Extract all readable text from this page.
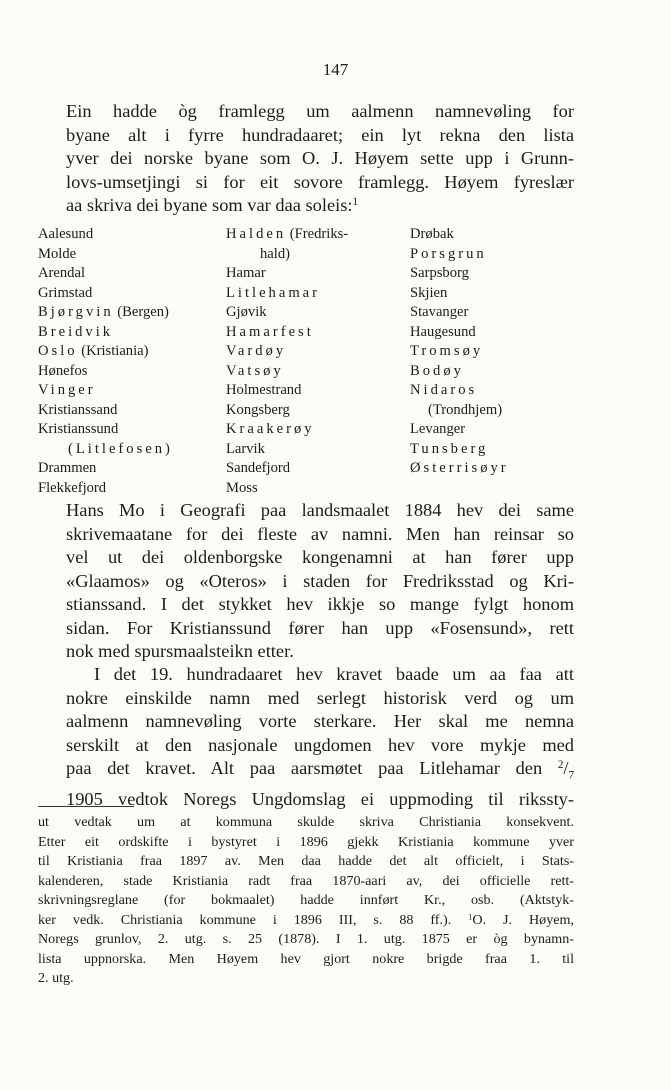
147
Ein hadde òg framlegg um aalmenn namnevøling for
byane alt i fyrre hundradaaret; ein lyt rekna den lista
yver dei norske byane som O. J. Høyem sette upp i Grunn-
lovs-umsetjingi si for eit sovore framlegg. Høyem fyreslær
aa skriva dei byane som var daa soleis:$^1$
Aalesund
Molde
Arendal
Grimstad
Bjørgvin (Bergen)
Breidvik
Oslo (Kristiania)
Hønefos
Vinger
Kristianssand
Kristianssund
(Litlefosen)
Drammen
Flekkefjord
Halden (Fredriks-
hald)
Hamar
Litlehamar
Gjøvik
Hamarfest
Vardøy
Vatsøy
Holmestrand
Kongsberg
Kraakerøy
Larvik
Sandefjord
Moss
Drøbak
Porsgrun
Sarpsborg
Skjien
Stavanger
Haugesund
Tromsøy
Bodøy
Nidaros
(Trondhjem)
Levanger
Tunsberg
Østerrisøyr
Hans Mo i Geografi paa landsmaalet 1884 hev dei same
skrivemaatane for dei fleste av namni. Men han reinsar so
vel ut dei oldenborgske kongenamni at han fører upp
«Glaamos» og «Oteros» i staden for Fredriksstad og Kri-
stianssand. I det stykket hev ikkje so mange fylgt honom
sidan. For Kristianssund fører han upp «Fosensund», rett
nok med spursmaalsteikn etter.
I det 19. hundradaaret hev kravet baade um aa faa att
nokre einskilde namn med serlegt historisk verd og um
aalmenn namnevøling vorte sterkare. Her skal me nemna
serskilt at den nasjonale ungdomen hev vore mykje med
paa det kravet. Alt paa aarsmøtet paa Litlehamar den $^2/_7$
1905 vedtok Noregs Ungdomslag ei uppmoding til rikssty-
ut vedtak um at kommuna skulde skriva Christiania konsekvent.
Etter eit ordskifte i bystyret i 1896 gjekk Kristiania kommune yver
til Kristiania fraa 1897 av. Men daa hadde det alt officielt, i Stats-
kalenderen, stade Kristiania radt fraa 1870-aari av, dei officielle rett-
skrivningsreglane (for bokmaalet) hadde innført Kr., osb. (Aktstyk-
ker vedk. Christiania kommune i 1896 III, s. 88 ff.). $^1$O. J. Høyem,
Noregs grunlov, 2. utg. s. 25 (1878). I 1. utg. 1875 er òg bynamn-
lista uppnorska. Men Høyem hev gjort nokre brigde fraa 1. til
2. utg.
